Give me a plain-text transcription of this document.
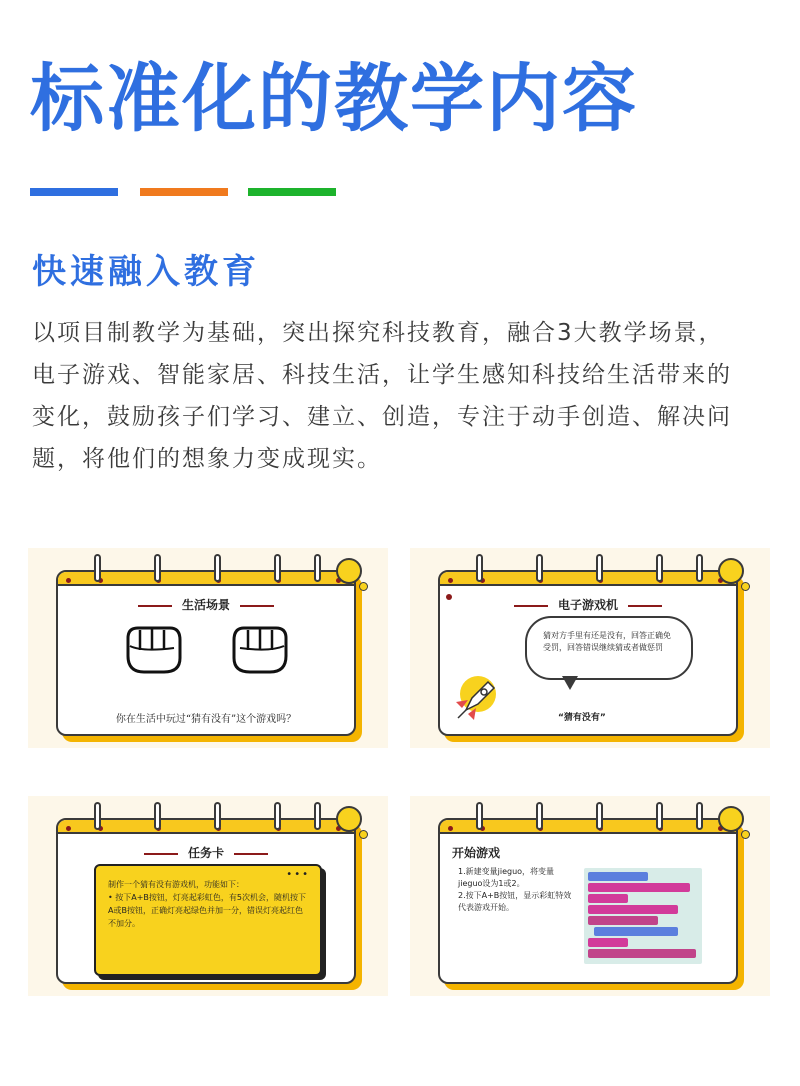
标准化的教学内容
快速融入教育
以项目制教学为基础，突出探究科技教育，融合3大教学场景，电子游戏、智能家居、科技生活，让学生感知科技给生活带来的变化，鼓励孩子们学习、建立、创造，专注于动手创造、解决问题，将他们的想象力变成现实。
生活场景
你在生活中玩过“猜有没有”这个游戏吗？
电子游戏机
猜对方手里有还是没有，回答正确免受罚，回答错误继续猜或者做惩罚
“猜有没有”
任务卡
•••
制作一个猜有没有游戏机，功能如下：
• 按下A+B按钮，灯亮起彩虹色，有5次机会，随机按下A或B按钮，正确灯亮起绿色并加一分，错误灯亮起红色不加分。
开始游戏
1.新建变量jieguo，将变量jieguo设为1或2。
2.按下A+B按钮，显示彩虹特效代表游戏开始。
